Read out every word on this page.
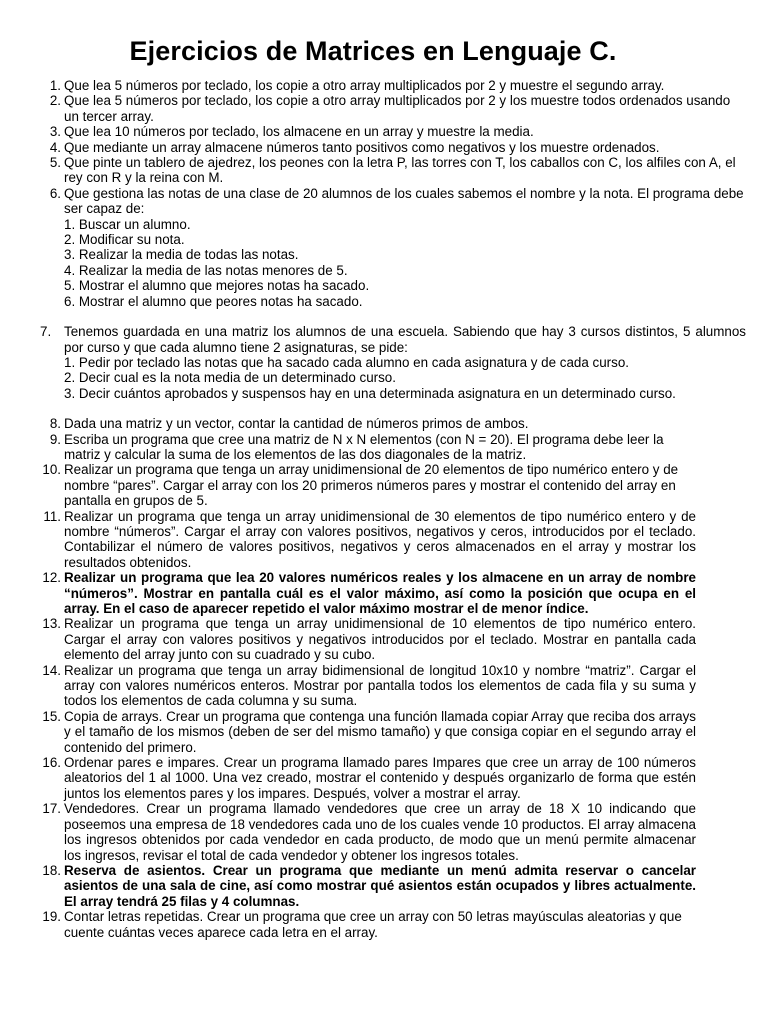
Ejercicios de Matrices en Lenguaje C.
1. Que lea 5 números por teclado, los copie a otro array multiplicados por 2 y muestre el segundo array.
2. Que lea 5 números por teclado, los copie a otro array multiplicados por 2 y los muestre todos ordenados usando un tercer array.
3. Que lea 10 números por teclado, los almacene en un array y muestre la media.
4. Que mediante un array almacene números tanto positivos como negativos y los muestre ordenados.
5. Que pinte un tablero de ajedrez, los peones con la letra P, las torres con T, los caballos con C, los alfiles con A, el rey con R y la reina con M.
6. Que gestiona las notas de una clase de 20 alumnos de los cuales sabemos el nombre y la nota. El programa debe ser capaz de:
1. Buscar un alumno.
2. Modificar su nota.
3. Realizar la media de todas las notas.
4. Realizar la media de las notas menores de 5.
5. Mostrar el alumno que mejores notas ha sacado.
6. Mostrar el alumno que peores notas ha sacado.
7. Tenemos guardada en una matriz los alumnos de una escuela. Sabiendo que hay 3 cursos distintos, 5 alumnos por curso y que cada alumno tiene 2 asignaturas, se pide:
1. Pedir por teclado las notas que ha sacado cada alumno en cada asignatura y de cada curso.
2. Decir cual es la nota media de un determinado curso.
3. Decir cuántos aprobados y suspensos hay en una determinada asignatura en un determinado curso.
8. Dada una matriz y un vector, contar la cantidad de números primos de ambos.
9. Escriba un programa que cree una matriz de N x N elementos (con N = 20). El programa debe leer la matriz y calcular la suma de los elementos de las dos diagonales de la matriz.
10. Realizar un programa que tenga un array unidimensional de 20 elementos de tipo numérico entero y de nombre “pares”. Cargar el array con los 20 primeros números pares y mostrar el contenido del array en pantalla en grupos de 5.
11. Realizar un programa que tenga un array unidimensional de 30 elementos de tipo numérico entero y de nombre “números”. Cargar el array con valores positivos, negativos y ceros, introducidos por el teclado. Contabilizar el número de valores positivos, negativos y ceros almacenados en el array y mostrar los resultados obtenidos.
12. Realizar un programa que lea 20 valores numéricos reales y los almacene en un array de nombre “números”. Mostrar en pantalla cuál es el valor máximo, así como la posición que ocupa en el array. En el caso de aparecer repetido el valor máximo mostrar el de menor índice.
13. Realizar un programa que tenga un array unidimensional de 10 elementos de tipo numérico entero. Cargar el array con valores positivos y negativos introducidos por el teclado. Mostrar en pantalla cada elemento del array junto con su cuadrado y su cubo.
14. Realizar un programa que tenga un array bidimensional de longitud 10x10 y nombre “matriz”. Cargar el array con valores numéricos enteros. Mostrar por pantalla todos los elementos de cada fila y su suma y todos los elementos de cada columna y su suma.
15. Copia de arrays. Crear un programa que contenga una función llamada copiar Array que reciba dos arrays y el tamaño de los mismos (deben de ser del mismo tamaño) y que consiga copiar en el segundo array el contenido del primero.
16. Ordenar pares e impares. Crear un programa llamado pares Impares que cree un array de 100 números aleatorios del 1 al 1000. Una vez creado, mostrar el contenido y después organizarlo de forma que estén juntos los elementos pares y los impares. Después, volver a mostrar el array.
17. Vendedores. Crear un programa llamado vendedores que cree un array de 18 X 10 indicando que poseemos una empresa de 18 vendedores cada uno de los cuales vende 10 productos. El array almacena los ingresos obtenidos por cada vendedor en cada producto, de modo que un menú permite almacenar los ingresos, revisar el total de cada vendedor y obtener los ingresos totales.
18. Reserva de asientos. Crear un programa que mediante un menú admita reservar o cancelar asientos de una sala de cine, así como mostrar qué asientos están ocupados y libres actualmente. El array tendrá 25 filas y 4 columnas.
19. Contar letras repetidas. Crear un programa que cree un array con 50 letras mayúsculas aleatorias y que cuente cuántas veces aparece cada letra en el array.
